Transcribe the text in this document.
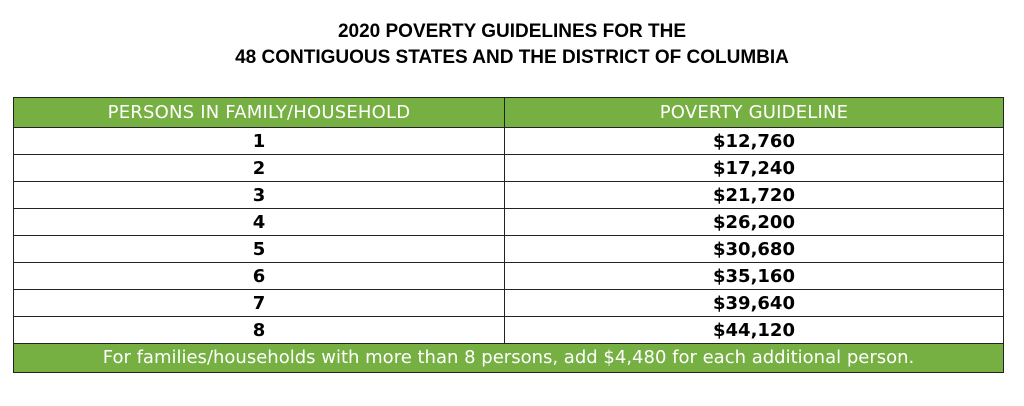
2020 POVERTY GUIDELINES FOR THE
48 CONTIGUOUS STATES AND THE DISTRICT OF COLUMBIA
PERSONS IN FAMILY/HOUSEHOLD	POVERTY GUIDELINE
1	$12,760
2	$17,240
3	$21,720
4	$26,200
5	$30,680
6	$35,160
7	$39,640
8	$44,120
For families/households with more than 8 persons, add $4,480 for each additional person.	
